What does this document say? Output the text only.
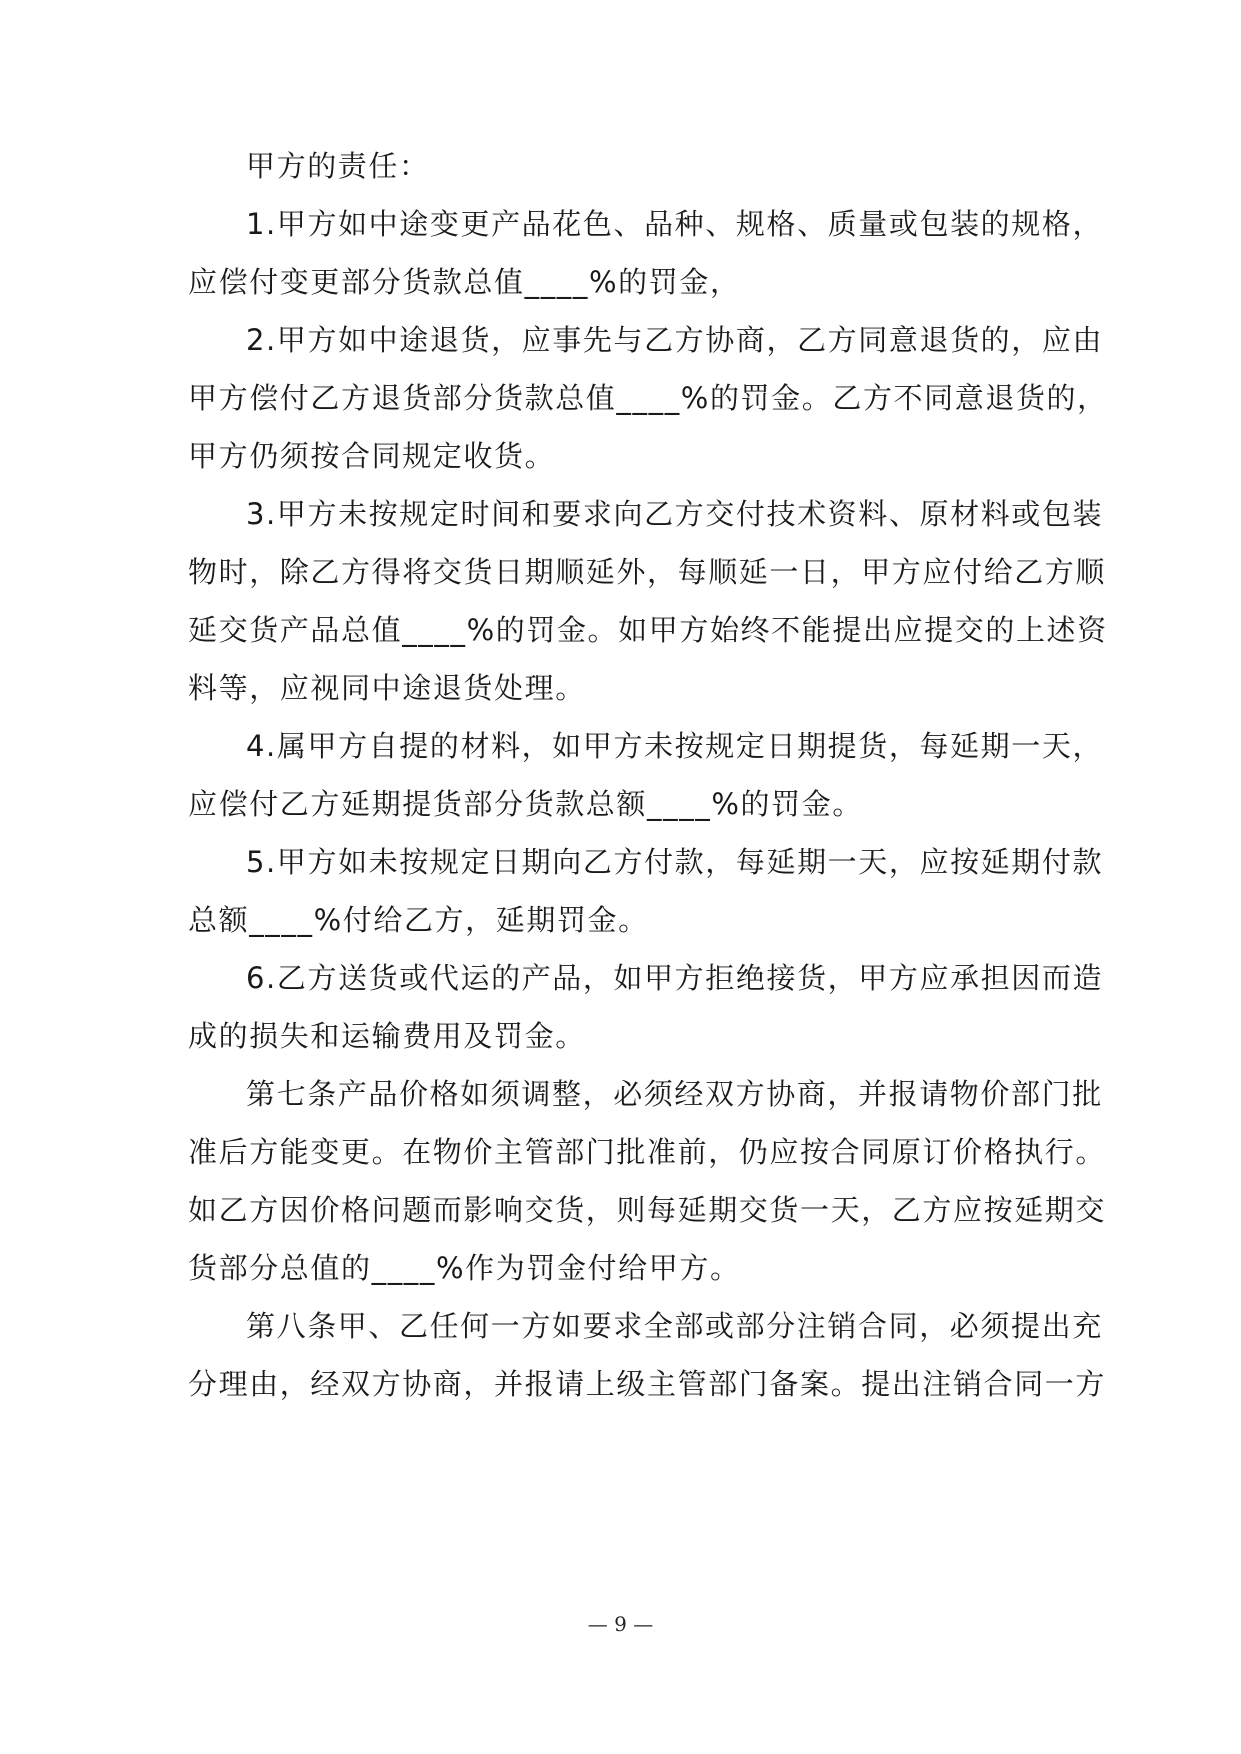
甲方的责任：

1.甲方如中途变更产品花色、品种、规格、质量或包装的规格，

应偿付变更部分货款总值____%的罚金，

2.甲方如中途退货，应事先与乙方协商，乙方同意退货的，应由

甲方偿付乙方退货部分货款总值____%的罚金。乙方不同意退货的，

甲方仍须按合同规定收货。

3.甲方未按规定时间和要求向乙方交付技术资料、原材料或包装

物时，除乙方得将交货日期顺延外，每顺延一日，甲方应付给乙方顺

延交货产品总值____%的罚金。如甲方始终不能提出应提交的上述资

料等，应视同中途退货处理。

4.属甲方自提的材料，如甲方未按规定日期提货，每延期一天，

应偿付乙方延期提货部分货款总额____%的罚金。

5.甲方如未按规定日期向乙方付款，每延期一天，应按延期付款

总额____%付给乙方，延期罚金。

6.乙方送货或代运的产品，如甲方拒绝接货，甲方应承担因而造

成的损失和运输费用及罚金。

第七条产品价格如须调整，必须经双方协商，并报请物价部门批

准后方能变更。在物价主管部门批准前，仍应按合同原订价格执行。

如乙方因价格问题而影响交货，则每延期交货一天，乙方应按延期交

货部分总值的____%作为罚金付给甲方。

第八条甲、乙任何一方如要求全部或部分注销合同，必须提出充

分理由，经双方协商，并报请上级主管部门备案。提出注销合同一方

— 9 —
